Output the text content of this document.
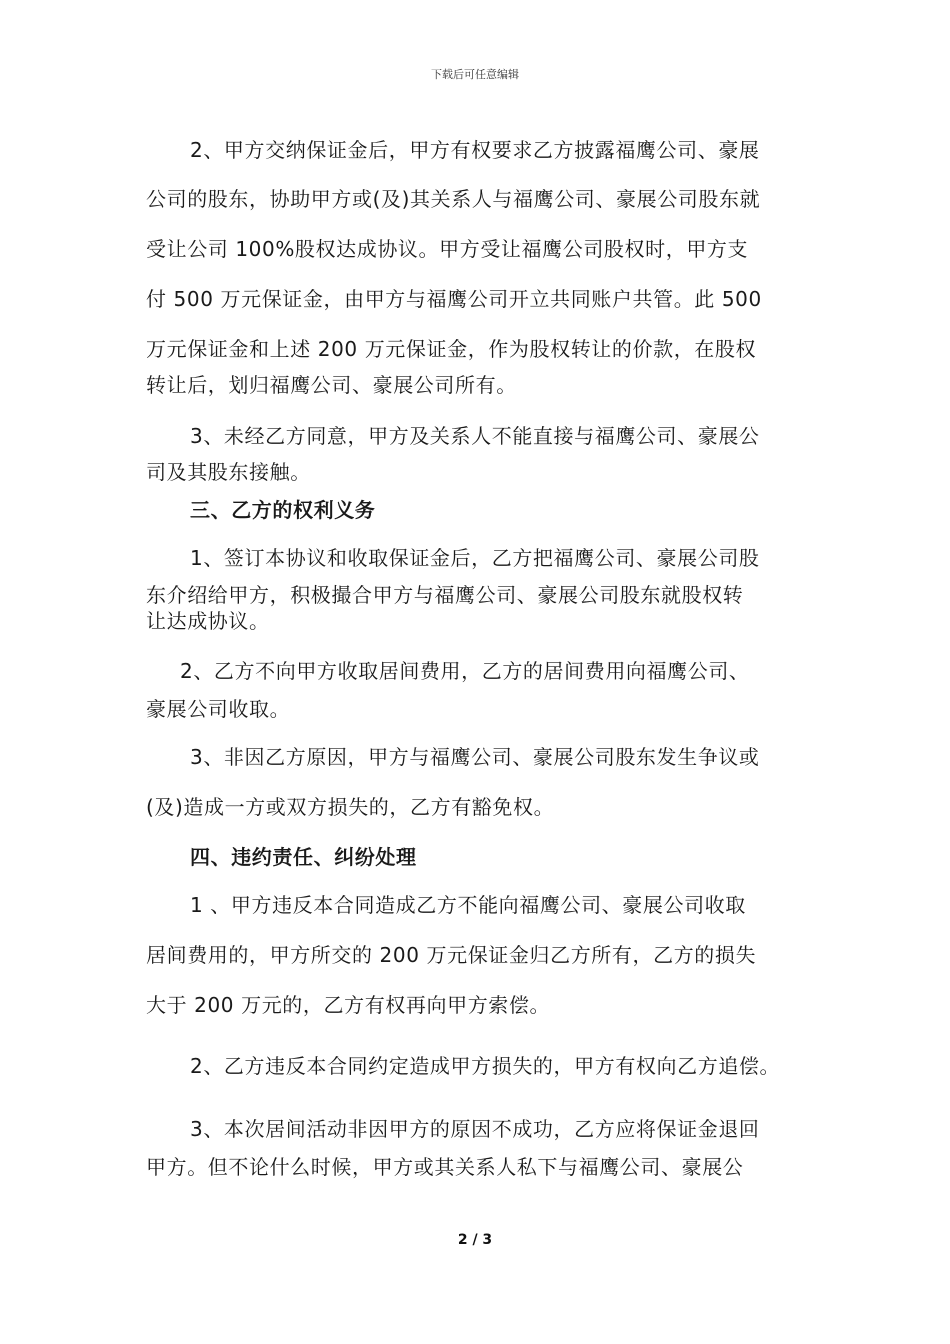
下载后可任意编辑
2、甲方交纳保证金后，甲方有权要求乙方披露福鹰公司、豪展
公司的股东，协助甲方或(及)其关系人与福鹰公司、豪展公司股东就
受让公司 100%股权达成协议。甲方受让福鹰公司股权时，甲方支
付 500 万元保证金，由甲方与福鹰公司开立共同账户共管。此 500
万元保证金和上述 200 万元保证金，作为股权转让的价款，在股权
转让后，划归福鹰公司、豪展公司所有。
3、未经乙方同意，甲方及关系人不能直接与福鹰公司、豪展公
司及其股东接触。
三、乙方的权利义务
1、签订本协议和收取保证金后，乙方把福鹰公司、豪展公司股
东介绍给甲方，积极撮合甲方与福鹰公司、豪展公司股东就股权转
让达成协议。
2、乙方不向甲方收取居间费用，乙方的居间费用向福鹰公司、
豪展公司收取。
3、非因乙方原因，甲方与福鹰公司、豪展公司股东发生争议或
(及)造成一方或双方损失的，乙方有豁免权。
四、违约责任、纠纷处理
1 、甲方违反本合同造成乙方不能向福鹰公司、豪展公司收取
居间费用的，甲方所交的 200 万元保证金归乙方所有，乙方的损失
大于 200 万元的，乙方有权再向甲方索偿。
2、乙方违反本合同约定造成甲方损失的，甲方有权向乙方追偿。
3、本次居间活动非因甲方的原因不成功，乙方应将保证金退回
甲方。但不论什么时候，甲方或其关系人私下与福鹰公司、豪展公
2 / 3
